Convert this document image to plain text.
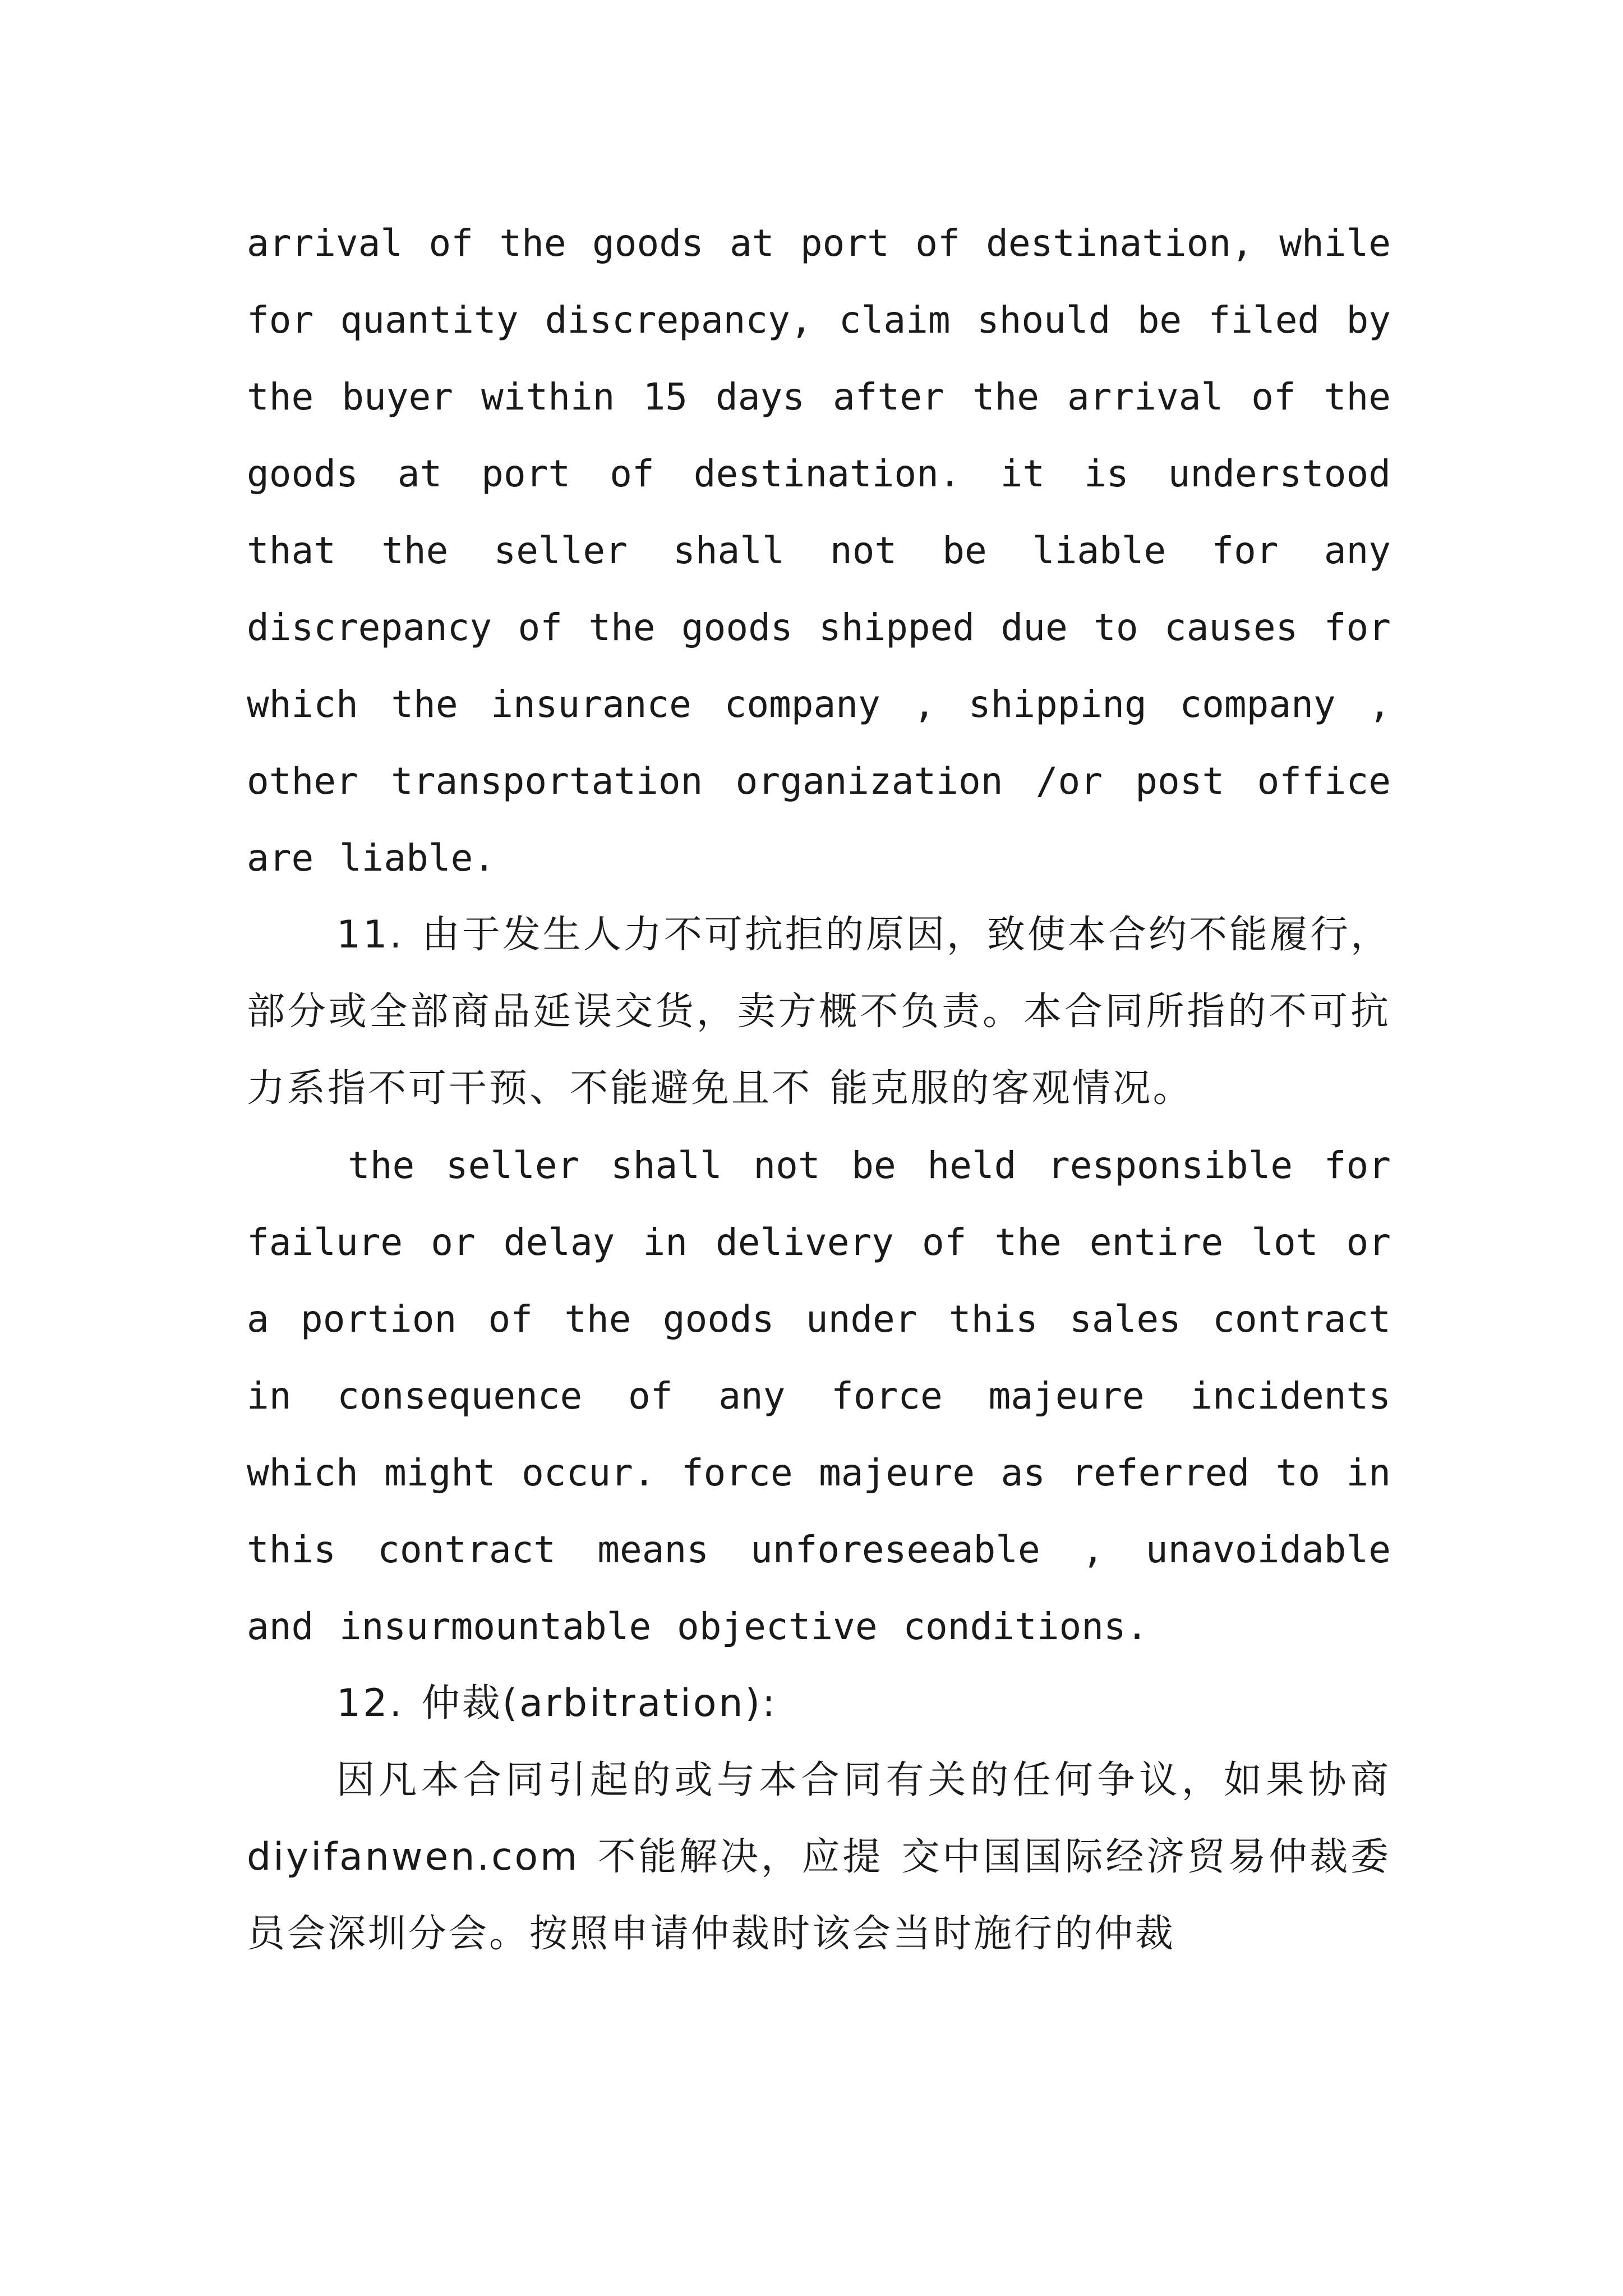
arrival of the goods at port of destination, while for quantity discrepancy, claim should be filed by the buyer within 15 days after the arrival of the goods at port of destination. it is understood that the seller shall not be liable for any discrepancy of the goods shipped due to causes for which the insurance company , shipping company , other transportation organization /or post office are liable.

11. 由于发生人力不可抗拒的原因，致使本合约不能履行，部分或全部商品延误交货，卖方概不负责。本合同所指的不可抗力系指不可干预、不能避免且不 能克服的客观情况。

the seller shall not be held responsible for failure or delay in delivery of the entire lot or a portion of the goods under this sales contract in consequence of any force majeure incidents which might occur. force majeure as referred to in this contract means unforeseeable , unavoidable and insurmountable objective conditions.

12. 仲裁(arbitration):

因凡本合同引起的或与本合同有关的任何争议，如果协商 diyifanwen.com 不能解决，应提 交中国国际经济贸易仲裁委员会深圳分会。按照申请仲裁时该会当时施行的仲裁
